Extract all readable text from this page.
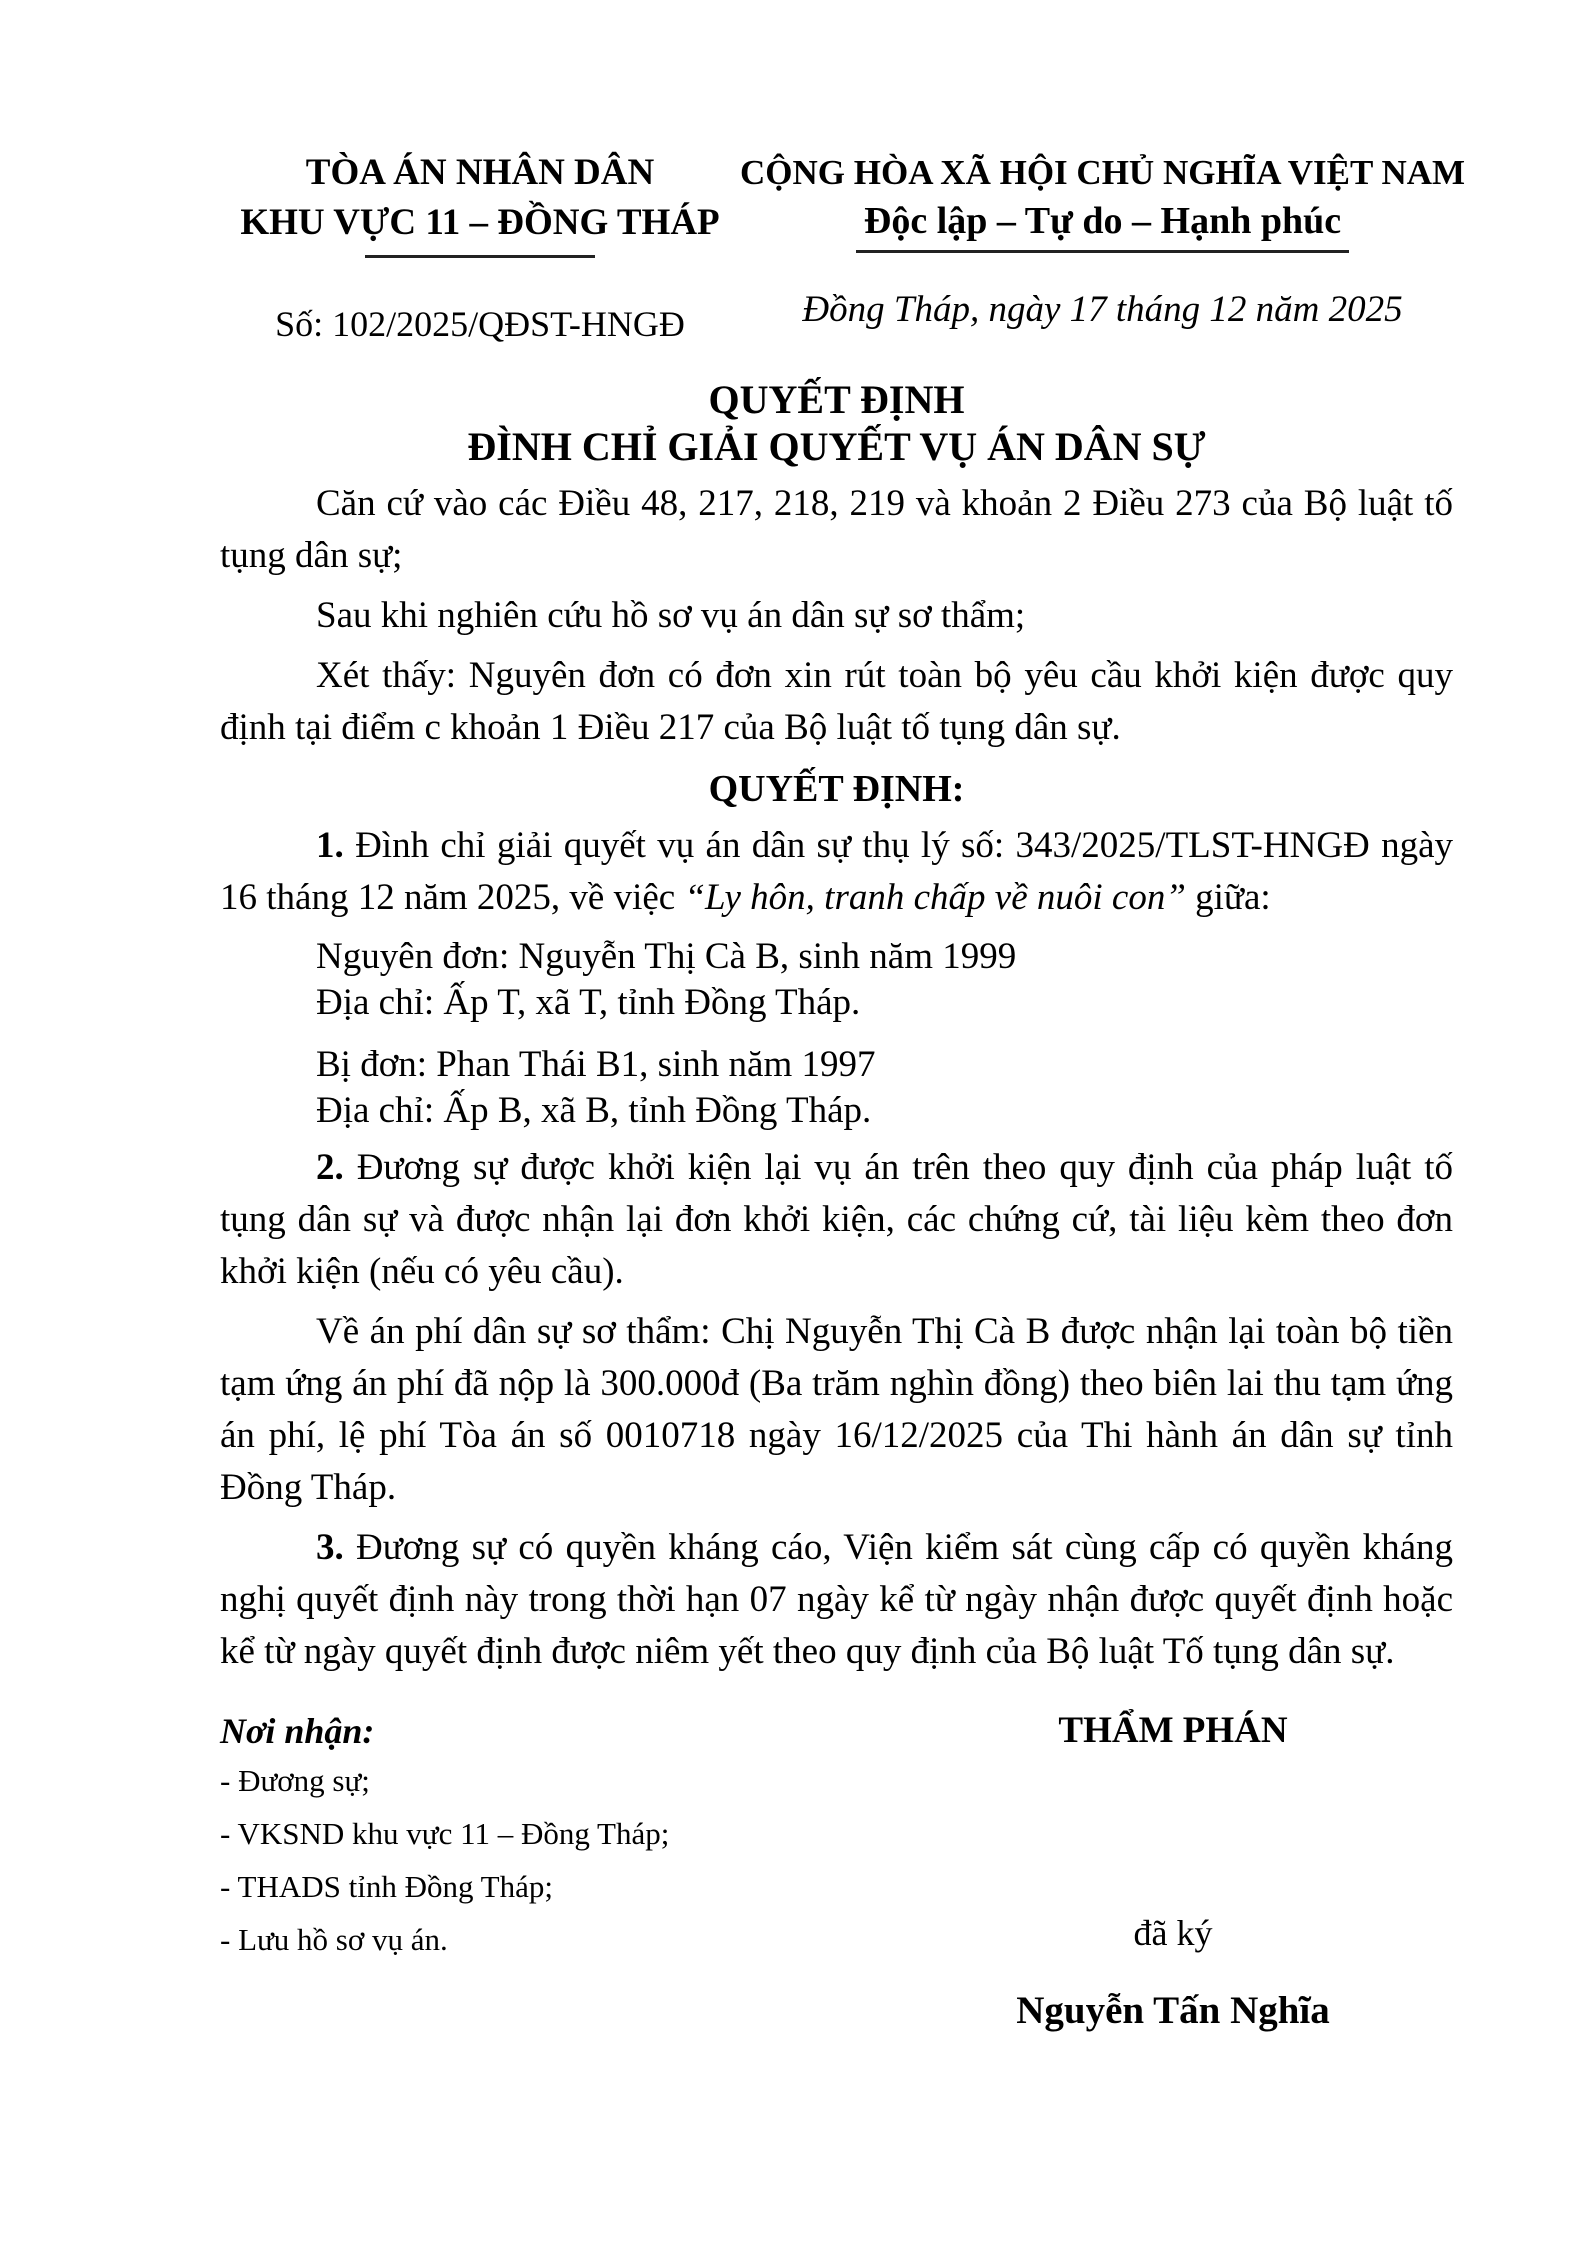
TÒA ÁN NHÂN DÂN
KHU VỰC 11 – ĐỒNG THÁP
Số: 102/2025/QĐST-HNGĐ
CỘNG HÒA XÃ HỘI CHỦ NGHĨA VIỆT NAM
Độc lập – Tự do – Hạnh phúc
Đồng Tháp, ngày 17 tháng 12 năm 2025
QUYẾT ĐỊNH
ĐÌNH CHỈ GIẢI QUYẾT VỤ ÁN DÂN SỰ

Căn cứ vào các Điều 48, 217, 218, 219 và khoản 2 Điều 273 của Bộ luật tố tụng dân sự;

Sau khi nghiên cứu hồ sơ vụ án dân sự sơ thẩm;

Xét thấy: Nguyên đơn có đơn xin rút toàn bộ yêu cầu khởi kiện được quy định tại điểm c khoản 1 Điều 217 của Bộ luật tố tụng dân sự.

QUYẾT ĐỊNH:

1. Đình chỉ giải quyết vụ án dân sự thụ lý số: 343/2025/TLST-HNGĐ ngày 16 tháng 12 năm 2025, về việc “Ly hôn, tranh chấp về nuôi con” giữa:

Nguyên đơn: Nguyễn Thị Cà B, sinh năm 1999
Địa chỉ: Ấp T, xã T, tỉnh Đồng Tháp.
Bị đơn: Phan Thái B1, sinh năm 1997
Địa chỉ: Ấp B, xã B, tỉnh Đồng Tháp.

2. Đương sự được khởi kiện lại vụ án trên theo quy định của pháp luật tố tụng dân sự và được nhận lại đơn khởi kiện, các chứng cứ, tài liệu kèm theo đơn khởi kiện (nếu có yêu cầu).

Về án phí dân sự sơ thẩm: Chị Nguyễn Thị Cà B được nhận lại toàn bộ tiền tạm ứng án phí đã nộp là 300.000đ (Ba trăm nghìn đồng) theo biên lai thu tạm ứng án phí, lệ phí Tòa án số 0010718 ngày 16/12/2025 của Thi hành án dân sự tỉnh Đồng Tháp.

3. Đương sự có quyền kháng cáo, Viện kiểm sát cùng cấp có quyền kháng nghị quyết định này trong thời hạn 07 ngày kể từ ngày nhận được quyết định hoặc kể từ ngày quyết định được niêm yết theo quy định của Bộ luật Tố tụng dân sự.

Nơi nhận:
- Đương sự;
- VKSND khu vực 11 – Đồng Tháp;
- THADS tỉnh Đồng Tháp;
- Lưu hồ sơ vụ án.
THẨM PHÁN
đã ký
Nguyễn Tấn Nghĩa
